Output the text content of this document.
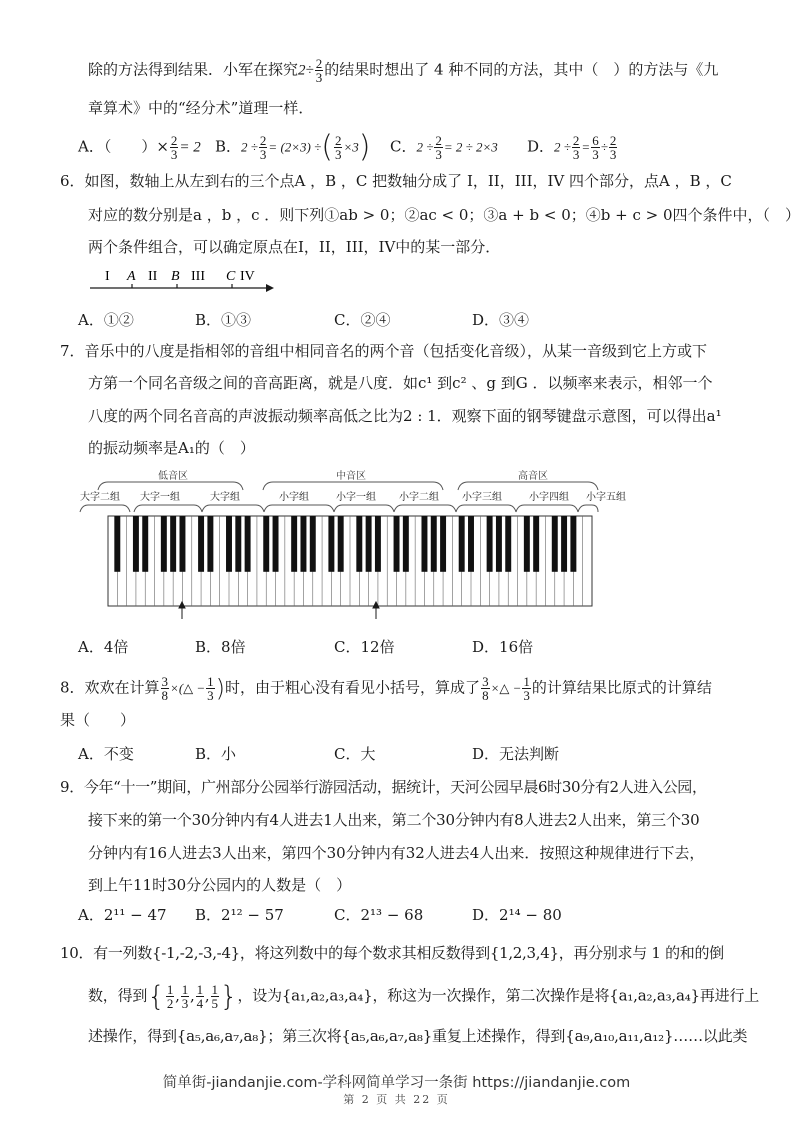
除的方法得到结果．小军在探究$2\div \frac{2}{3}$ 的结果时想出了 4 种不同的方法，其中（　）的方法与《九
章算术》中的“经分术”道理一样．
A．（　　）× $\frac{2}{3} = 2$ B．$2 \div \frac{2}{3} = (2\times 3)$ ÷( $\frac{2}{3} \times 3$) C．$2 \div \frac{2}{3} = 2 \div 2\times 3$ D．$2 \div \frac{2}{3} = \frac{6}{3} \div \frac{2}{3}$
6．如图，数轴上从左到右的三个点A ，B ，C 把数轴分成了 I，II，III，IV 四个部分，点A ，B ，C
对应的数分别是a ，b ，c ．则下列①ab > 0；②ac < 0；③a + b < 0；④b + c > 0四个条件中，（　）
两个条件组合，可以确定原点在I，II，III，IV中的某一部分．
I A II B III C IV
A．①②	B．①③	C．②④	D．③④
7．音乐中的八度是指相邻的音组中相同音名的两个音（包括变化音级），从某一音级到它上方或下
方第一个同名音级之间的音高距离，就是八度．如c¹ 到c² 、g 到G ．以频率来表示，相邻一个
八度的两个同名音高的声波振动频率高低之比为2 : 1．观察下面的钢琴键盘示意图，可以得出a¹
的振动频率是A₁的（　）
低音区	中音区	高音区
大字二组 大字一组	大字组	小字组	小字一组 小字二组 小字三组	小字四组 小字五组
A．4倍	B．8倍	C．12倍	D．16倍
8．欢欢在计算 $\frac{3}{8}$ ×(△ − $\frac{1}{3}$ )时，由于粗心没有看见小括号，算成了 $\frac{3}{8}$ ×△ − $\frac{1}{3}$ 的计算结果比原式的计算结
果（　　）
A．不变	B．小	C．大	D．无法判断
9．今年“十一”期间，广州部分公园举行游园活动，据统计，天河公园早晨6时30分有2人进入公园，
接下来的第一个30分钟内有4人进去1人出来，第二个30分钟内有8人进去2人出来，第三个30
分钟内有16人进去3人出来，第四个30分钟内有32人进去4人出来．按照这种规律进行下去，
到上午11时30分公园内的人数是（　）
A．2¹¹ − 47 B．2¹² − 57	C．2¹³ − 68	D．2¹⁴ − 80
10．有一列数{-1,-2,-3,-4}，将这列数中的每个数求其相反数得到{1,2,3,4}，再分别求与 1 的和的倒
数，得到{ $\frac{1}{2}$ , $\frac{1}{3}$ , $\frac{1}{4}$ , $\frac{1}{5}$ }，设为{a₁,a₂,a₃,a₄}，称这为一次操作，第二次操作是将{a₁,a₂,a₃,a₄}再进行上
述操作，得到{a₅,a₆,a₇,a₈}；第三次将{a₅,a₆,a₇,a₈}重复上述操作，得到{a₉,a₁₀,a₁₁,a₁₂}……以此类
简单街-jiandanjie.com-学科网简单学习一条街 https://jiandanjie.com
第 2 页 共 22 页
